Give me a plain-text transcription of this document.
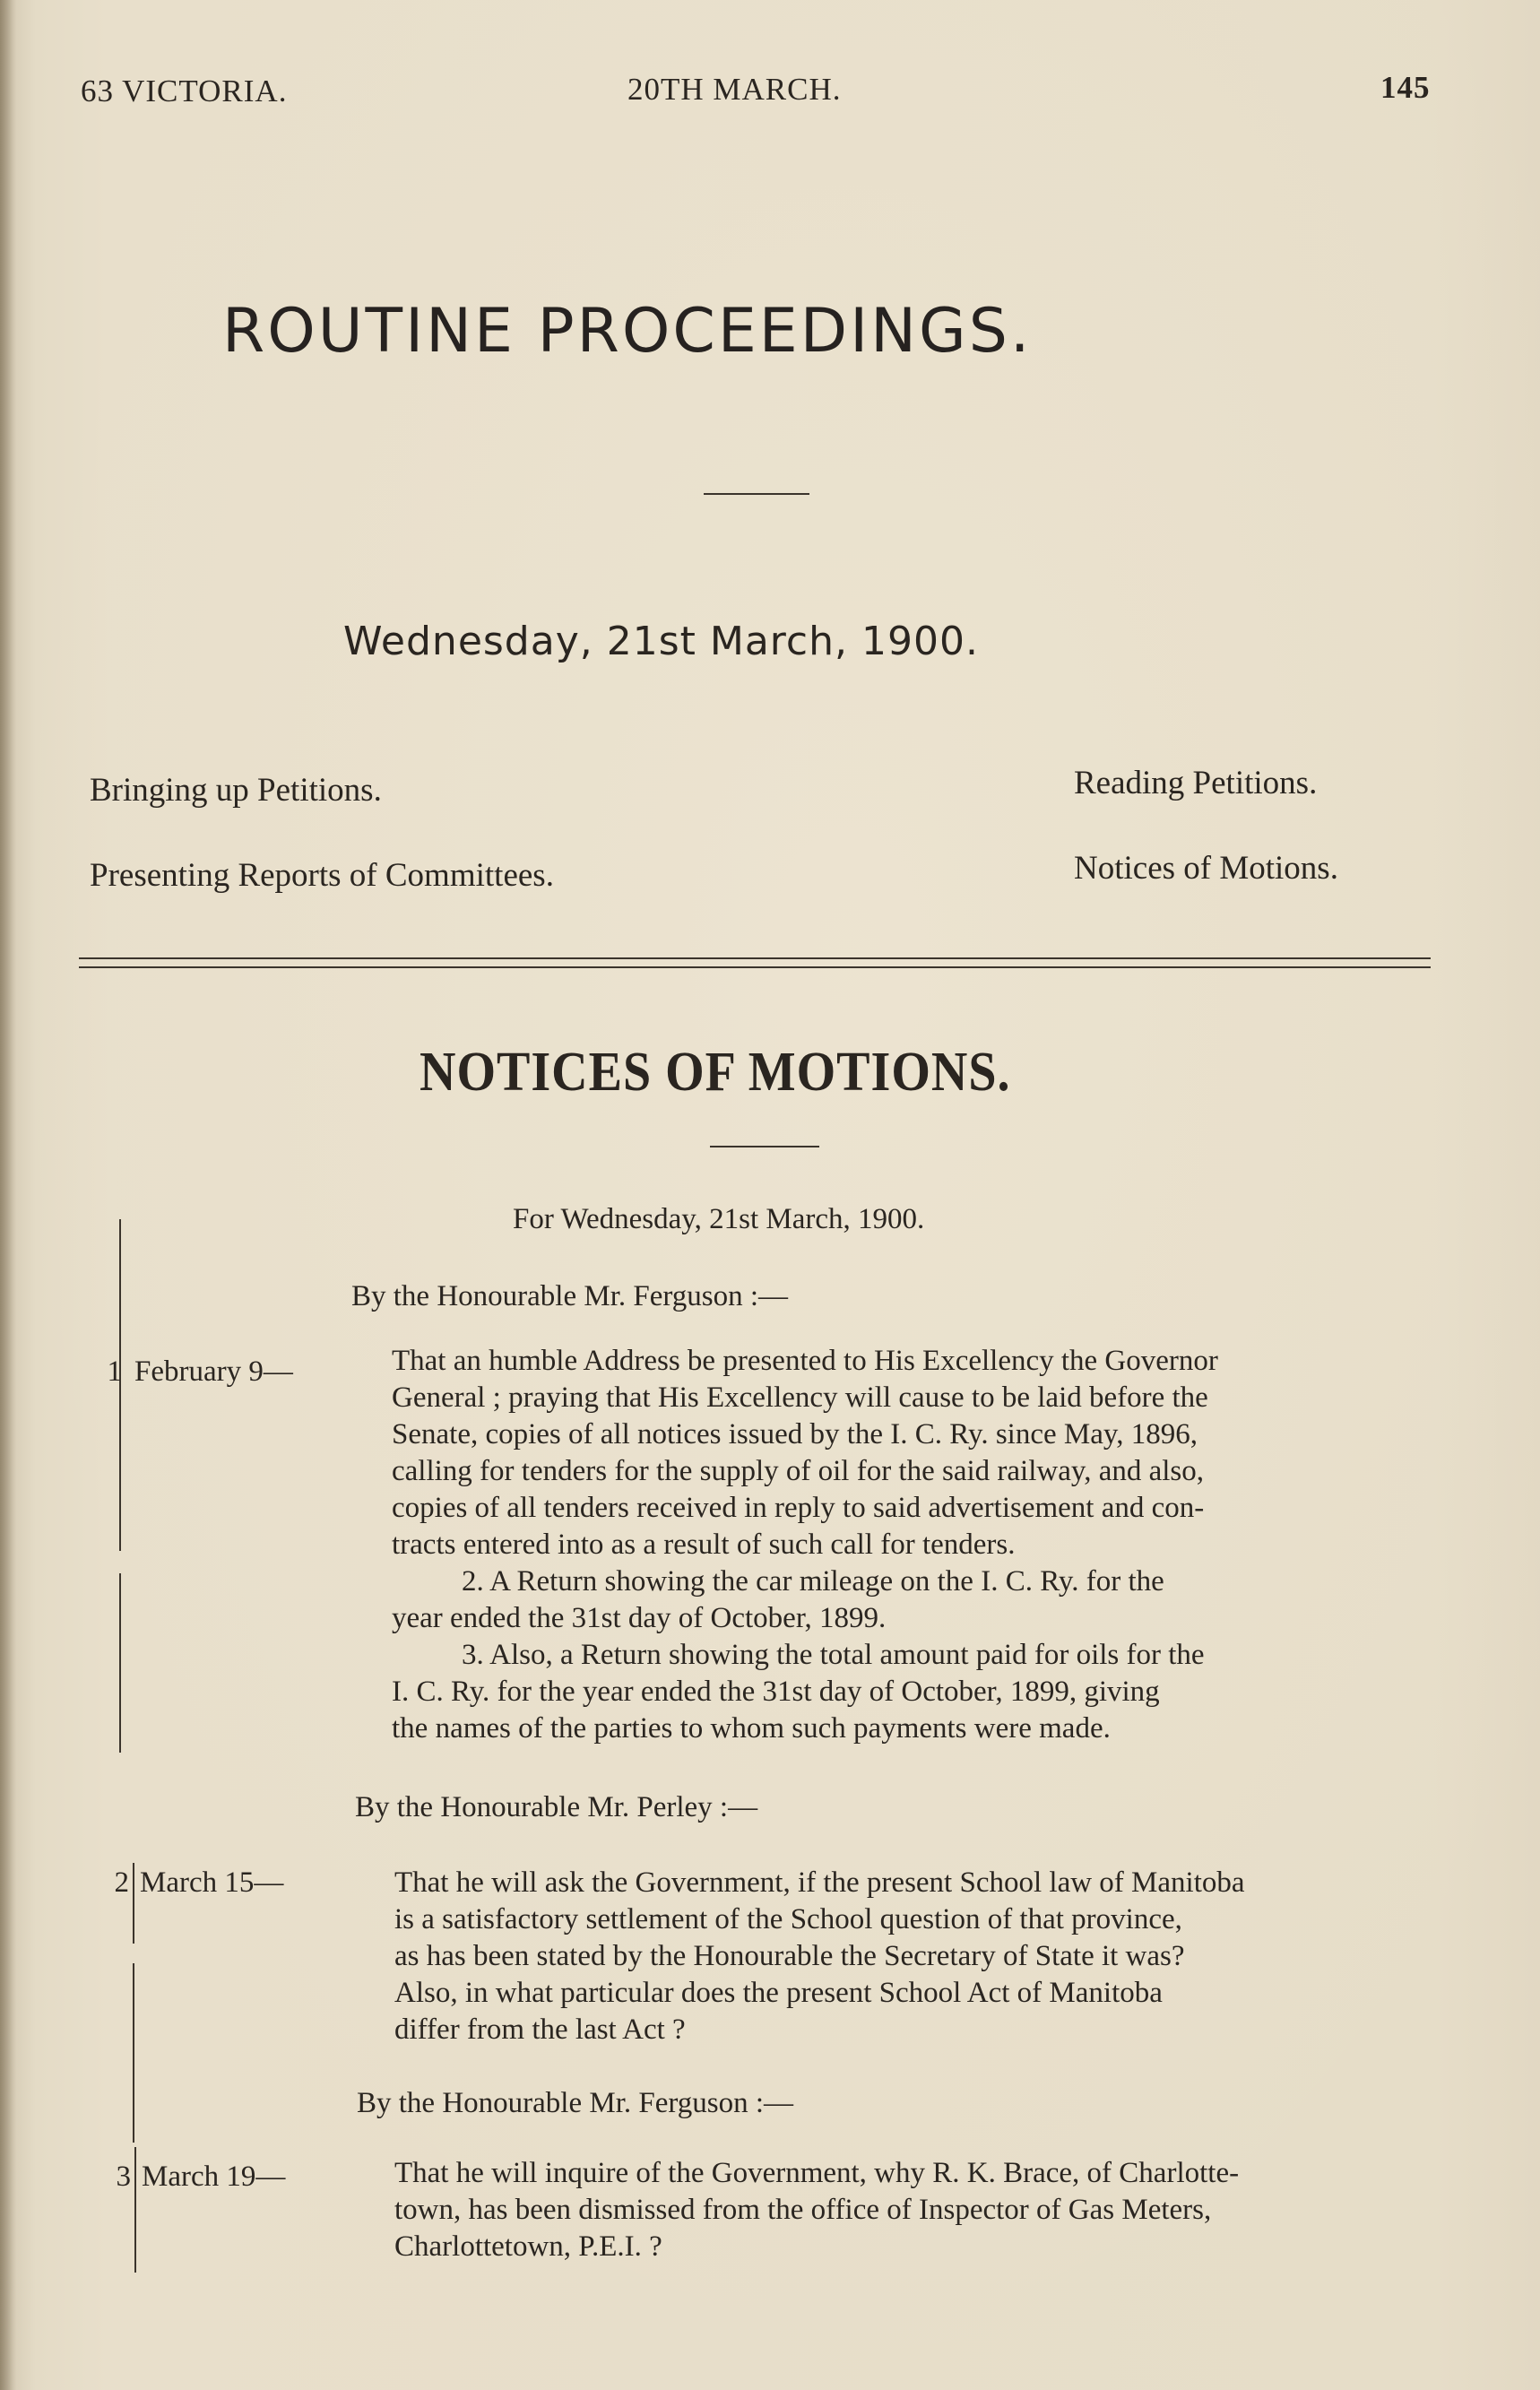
63 VICTORIA.	20TH MARCH.	145
ROUTINE PROCEEDINGS.
Wednesday, 21st March, 1900.
Bringing up Petitions.	Reading Petitions.
Presenting Reports of Committees.	Notices of Motions.
NOTICES OF MOTIONS.
For Wednesday, 21st March, 1900.
By the Honourable Mr. Ferguson :—
1 February 9—	That an humble Address be presented to His Excellency the Governor
General ; praying that His Excellency will cause to be laid before the
Senate, copies of all notices issued by the I. C. Ry. since May, 1896,
calling for tenders for the supply of oil for the said railway, and also,
copies of all tenders received in reply to said advertisement and con-
tracts entered into as a result of such call for tenders.
2. A Return showing the car mileage on the I. C. Ry. for the
year ended the 31st day of October, 1899.
3. Also, a Return showing the total amount paid for oils for the
I. C. Ry. for the year ended the 31st day of October, 1899, giving
the names of the parties to whom such payments were made.
By the Honourable Mr. Perley :—
2 March 15—	That he will ask the Government, if the present School law of Manitoba
is a satisfactory settlement of the School question of that province,
as has been stated by the Honourable the Secretary of State it was?
Also, in what particular does the present School Act of Manitoba
differ from the last Act ?
By the Honourable Mr. Ferguson :—
3 March 19—	That he will inquire of the Government, why R. K. Brace, of Charlotte-
town, has been dismissed from the office of Inspector of Gas Meters,
Charlottetown, P.E.I. ?
